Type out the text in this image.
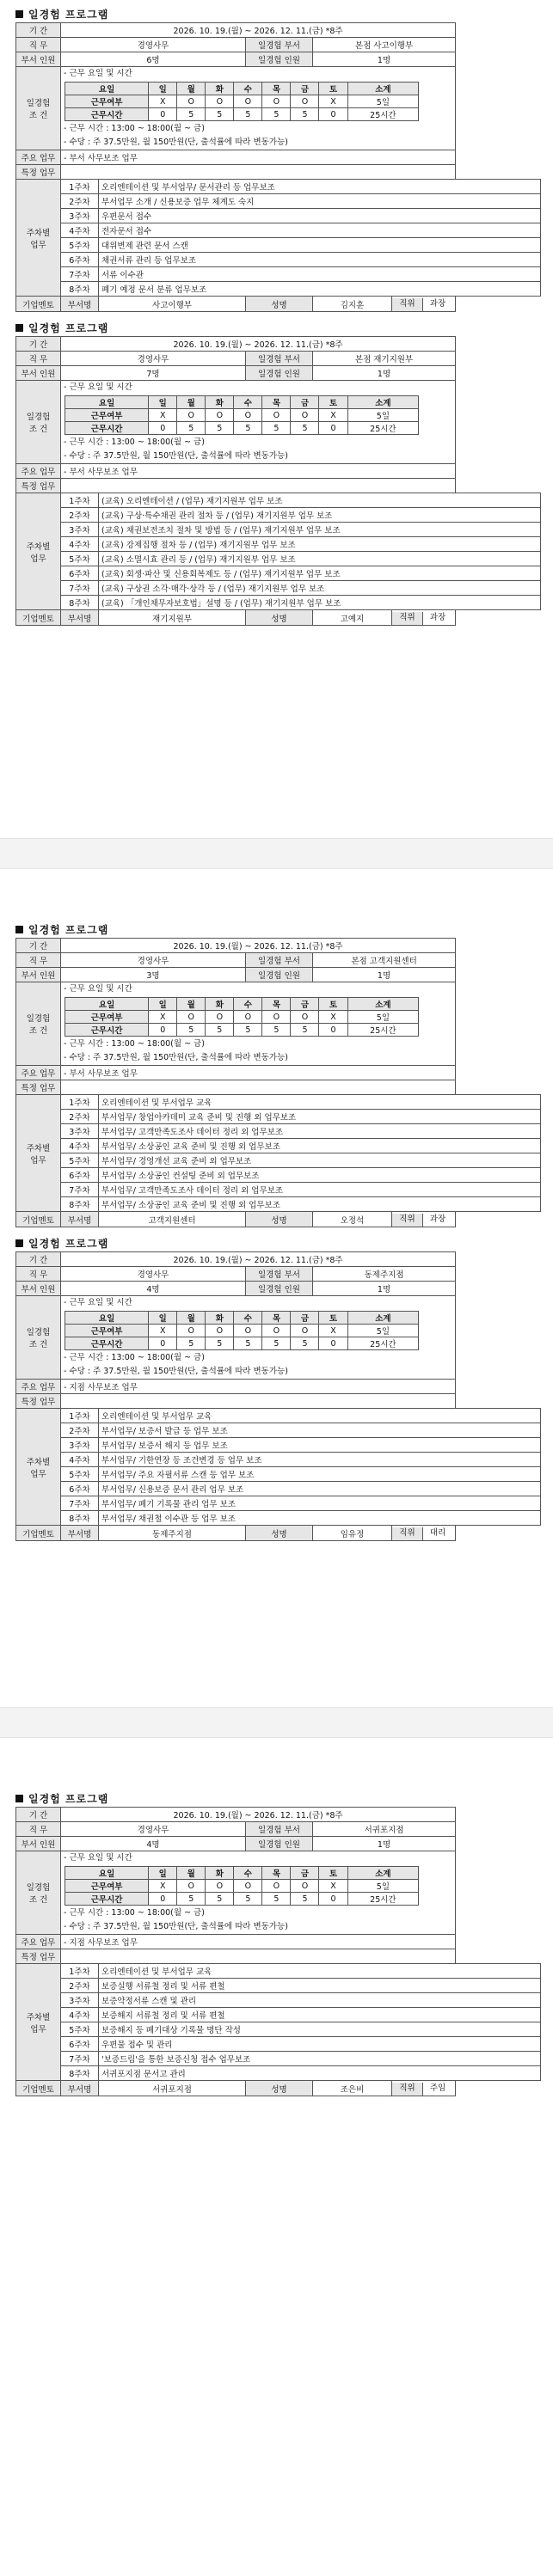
일경험 프로그램
기 간	2026. 10. 19.(월) ~ 2026. 12. 11.(금) *8주
직 무	경영사무	일경험 부서	본점 사고이행부
부서 인원	6명	일경험 인원	1명
일경험
조 건	
- 근무 요일 및 시간
요일	일	월	화	수	목	금	토	소계
근무여부	X	O	O	O	O	O	X	5일
근무시간	0	5	5	5	5	5	0	25시간
- 근무 시간 : 13:00 ~ 18:00(월 ~ 금)
- 수당 : 주 37.5만원, 월 150만원(단, 출석률에 따라 변동가능)

주요 업무	- 부서 사무보조 업무
특정 업무	
주차별
업무	1주차	오리엔테이션 및 부서업무/ 문서관리 등 업무보조
2주차	부서업무 소개 / 신용보증 업무 체계도 숙지
3주차	우편문서 접수
4주차	전자문서 접수
5주차	대위변제 관련 문서 스캔
6주차	채권서류 관리 등 업무보조
7주차	서류 이수관
8주차	폐기 예정 문서 분류 업무보조
기업멘토	부서명	사고이행부	성명	김지훈	직위 과장
일경험 프로그램
기 간	2026. 10. 19.(월) ~ 2026. 12. 11.(금) *8주
직 무	경영사무	일경험 부서	본점 재기지원부
부서 인원	7명	일경험 인원	1명
일경험
조 건	
- 근무 요일 및 시간
요일	일	월	화	수	목	금	토	소계
근무여부	X	O	O	O	O	O	X	5일
근무시간	0	5	5	5	5	5	0	25시간
- 근무 시간 : 13:00 ~ 18:00(월 ~ 금)
- 수당 : 주 37.5만원, 월 150만원(단, 출석률에 따라 변동가능)

주요 업무	- 부서 사무보조 업무
특정 업무	
주차별
업무	1주차	(교육) 오리엔테이션 / (업무) 재기지원부 업무 보조
2주차	(교육) 구상·특수채권 관리 절차 등 / (업무) 재기지원부 업무 보조
3주차	(교육) 채권보전조치 절차 및 방법 등 / (업무) 재기지원부 업무 보조
4주차	(교육) 강제집행 절차 등 / (업무) 재기지원부 업무 보조
5주차	(교육) 소멸시효 관리 등 / (업무) 재기지원부 업무 보조
6주차	(교육) 회생·파산 및 신용회복제도 등 / (업무) 재기지원부 업무 보조
7주차	(교육) 구상권 소각·매각·상각 등 / (업무) 재기지원부 업무 보조
8주차	(교육) 「개인채무자보호법」설명 등 / (업무) 재기지원부 업무 보조
기업멘토	부서명	재기지원부	성명	고예지	직위 과장
일경험 프로그램
기 간	2026. 10. 19.(월) ~ 2026. 12. 11.(금) *8주
직 무	경영사무	일경험 부서	본점 고객지원센터
부서 인원	3명	일경험 인원	1명
일경험
조 건	
- 근무 요일 및 시간
요일	일	월	화	수	목	금	토	소계
근무여부	X	O	O	O	O	O	X	5일
근무시간	0	5	5	5	5	5	0	25시간
- 근무 시간 : 13:00 ~ 18:00(월 ~ 금)
- 수당 : 주 37.5만원, 월 150만원(단, 출석률에 따라 변동가능)

주요 업무	- 부서 사무보조 업무
특정 업무	
주차별
업무	1주차	오리엔테이션 및 부서업무 교육
2주차	부서업무/ 창업아카데미 교육 준비 및 진행 외 업무보조
3주차	부서업무/ 고객만족도조사 데이터 정리 외 업무보조
4주차	부서업무/ 소상공인 교육 준비 및 진행 외 업무보조
5주차	부서업무/ 경영개선 교육 준비 외 업무보조
6주차	부서업무/ 소상공인 컨설팅 준비 외 업무보조
7주차	부서업무/ 고객만족도조사 데이터 정리 외 업무보조
8주차	부서업무/ 소상공인 교육 준비 및 진행 외 업무보조
기업멘토	부서명	고객지원센터	성명	오정석	직위 과장
일경험 프로그램
기 간	2026. 10. 19.(월) ~ 2026. 12. 11.(금) *8주
직 무	경영사무	일경험 부서	동제주지점
부서 인원	4명	일경험 인원	1명
일경험
조 건	
- 근무 요일 및 시간
요일	일	월	화	수	목	금	토	소계
근무여부	X	O	O	O	O	O	X	5일
근무시간	0	5	5	5	5	5	0	25시간
- 근무 시간 : 13:00 ~ 18:00(월 ~ 금)
- 수당 : 주 37.5만원, 월 150만원(단, 출석률에 따라 변동가능)

주요 업무	- 지점 사무보조 업무
특정 업무	
주차별
업무	1주차	오리엔테이션 및 부서업무 교육
2주차	부서업무/ 보증서 발급 등 업무 보조
3주차	부서업무/ 보증서 해지 등 업무 보조
4주차	부서업무/ 기한연장 등 조건변경 등 업무 보조
5주차	부서업무/ 주요 자필서류 스캔 등 업무 보조
6주차	부서업무/ 신용보증 문서 관리 업무 보조
7주차	부서업무/ 폐기 기록물 관리 업무 보조
8주차	부서업무/ 채권철 이수관 등 업무 보조
기업멘토	부서명	동제주지점	성명	임유정	직위 대리
일경험 프로그램
기 간	2026. 10. 19.(월) ~ 2026. 12. 11.(금) *8주
직 무	경영사무	일경험 부서	서귀포지점
부서 인원	4명	일경험 인원	1명
일경험
조 건	
- 근무 요일 및 시간
요일	일	월	화	수	목	금	토	소계
근무여부	X	O	O	O	O	O	X	5일
근무시간	0	5	5	5	5	5	0	25시간
- 근무 시간 : 13:00 ~ 18:00(월 ~ 금)
- 수당 : 주 37.5만원, 월 150만원(단, 출석률에 따라 변동가능)

주요 업무	- 지점 사무보조 업무
특정 업무	
주차별
업무	1주차	오리엔테이션 및 부서업무 교육
2주차	보증실행 서류철 정리 및 서류 편철
3주차	보증약정서류 스캔 및 관리
4주차	보증해지 서류철 정리 및 서류 편철
5주차	보증해지 등 폐기대상 기록물 명단 작성
6주차	우편물 접수 및 관리
7주차	'보증드림'을 통한 보증신청 접수 업무보조
8주차	서귀포지점 문서고 관리
기업멘토	부서명	서귀포지점	성명	조은비	직위 주임
